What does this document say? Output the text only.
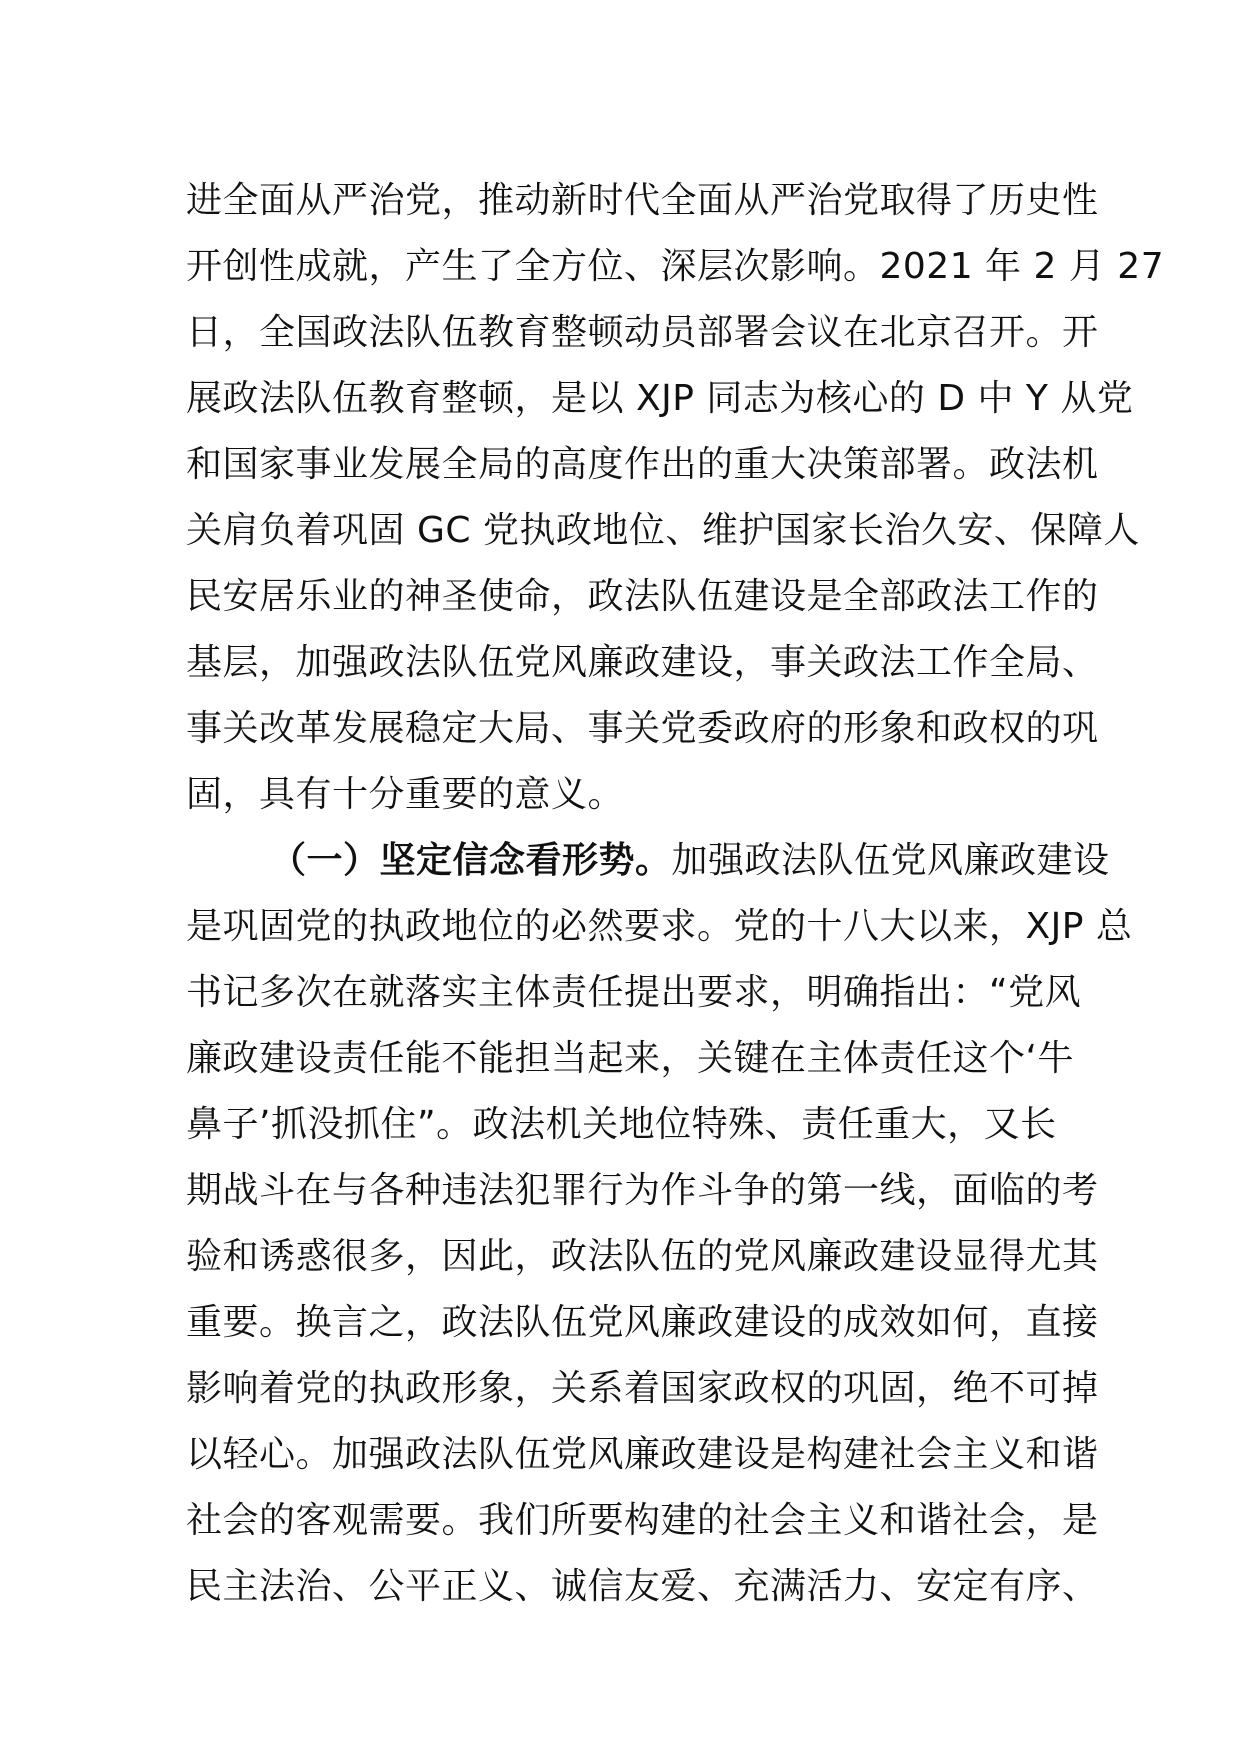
进全面从严治党，推动新时代全面从严治党取得了历史性
开创性成就，产生了全方位、深层次影响。2021 年 2 月 27
日，全国政法队伍教育整顿动员部署会议在北京召开。开
展政法队伍教育整顿，是以 XJP 同志为核心的 D 中 Y 从党
和国家事业发展全局的高度作出的重大决策部署。政法机
关肩负着巩固 GC 党执政地位、维护国家长治久安、保障人
民安居乐业的神圣使命，政法队伍建设是全部政法工作的
基层，加强政法队伍党风廉政建设，事关政法工作全局、
事关改革发展稳定大局、事关党委政府的形象和政权的巩
固，具有十分重要的意义。
（一）坚定信念看形势。加强政法队伍党风廉政建设
是巩固党的执政地位的必然要求。党的十八大以来，XJP 总
书记多次在就落实主体责任提出要求，明确指出：“党风
廉政建设责任能不能担当起来，关键在主体责任这个‘牛
鼻子’抓没抓住”。政法机关地位特殊、责任重大，又长
期战斗在与各种违法犯罪行为作斗争的第一线，面临的考
验和诱惑很多，因此，政法队伍的党风廉政建设显得尤其
重要。换言之，政法队伍党风廉政建设的成效如何，直接
影响着党的执政形象，关系着国家政权的巩固，绝不可掉
以轻心。加强政法队伍党风廉政建设是构建社会主义和谐
社会的客观需要。我们所要构建的社会主义和谐社会，是
民主法治、公平正义、诚信友爱、充满活力、安定有序、
